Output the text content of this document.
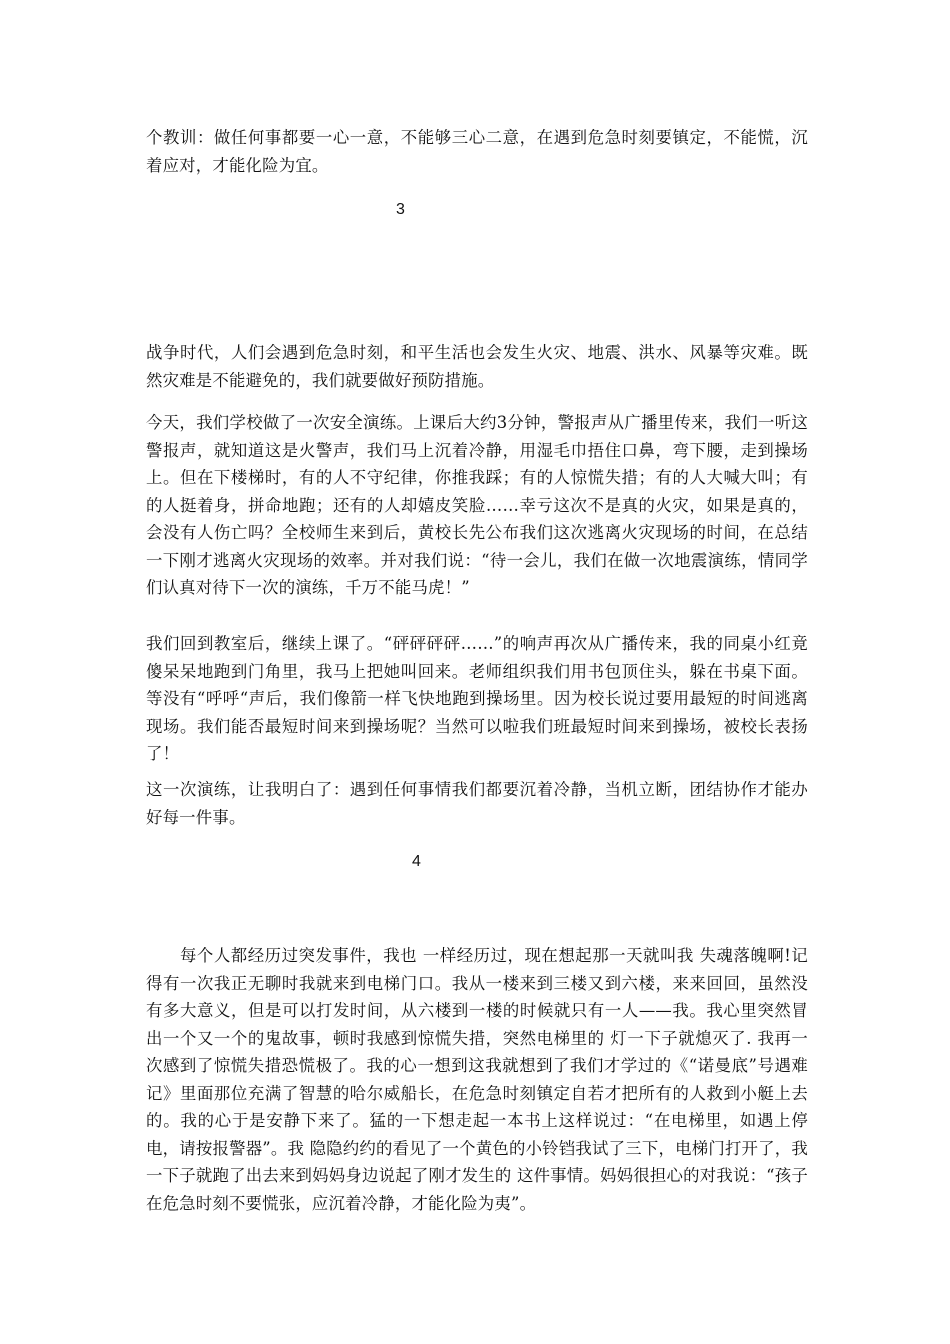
个教训：做任何事都要一心一意，不能够三心二意，在遇到危急时刻要镇定，不能慌，沉着应对，才能化险为宜。

3

战争时代，人们会遇到危急时刻，和平生活也会发生火灾、地震、洪水、风暴等灾难。既然灾难是不能避免的，我们就要做好预防措施。

今天，我们学校做了一次安全演练。上课后大约3分钟，警报声从广播里传来，我们一听这警报声，就知道这是火警声，我们马上沉着冷静，用湿毛巾捂住口鼻，弯下腰，走到操场上。但在下楼梯时，有的人不守纪律，你推我踩；有的人惊慌失措；有的人大喊大叫；有的人挺着身，拼命地跑；还有的人却嬉皮笑脸……幸亏这次不是真的火灾，如果是真的，会没有人伤亡吗？全校师生来到后，黄校长先公布我们这次逃离火灾现场的时间，在总结一下刚才逃离火灾现场的效率。并对我们说：“待一会儿，我们在做一次地震演练，情同学们认真对待下一次的演练，千万不能马虎！”

我们回到教室后，继续上课了。“砰砰砰砰……”的响声再次从广播传来，我的同桌小红竟傻呆呆地跑到门角里，我马上把她叫回来。老师组织我们用书包顶住头，躲在书桌下面。等没有“呼呼“声后，我们像箭一样飞快地跑到操场里。因为校长说过要用最短的时间逃离现场。我们能否最短时间来到操场呢？当然可以啦我们班最短时间来到操场，被校长表扬了！

这一次演练，让我明白了：遇到任何事情我们都要沉着冷静，当机立断，团结协作才能办好每一件事。

4

每个人都经历过突发事件，我也 一样经历过，现在想起那一天就叫我 失魂落魄啊!记得有一次我正无聊时我就来到电梯门口。我从一楼来到三楼又到六楼，来来回回，虽然没有多大意义，但是可以打发时间，从六楼到一楼的时候就只有一人——我。我心里突然冒出一个又一个的鬼故事，顿时我感到惊慌失措，突然电梯里的 灯一下子就熄灭了. 我再一次感到了惊慌失措恐慌极了。我的心一想到这我就想到了我们才学过的《“诺曼底”号遇难记》里面那位充满了智慧的哈尔威船长，在危急时刻镇定自若才把所有的人救到小艇上去的。我的心于是安静下来了。猛的一下想走起一本书上这样说过：“在电梯里，如遇上停电，请按报警器”。我 隐隐约约的看见了一个黄色的小铃铛我试了三下，电梯门打开了，我 一下子就跑了出去来到妈妈身边说起了刚才发生的 这件事情。妈妈很担心的对我说：“孩子在危急时刻不要慌张，应沉着冷静，才能化险为夷”。
